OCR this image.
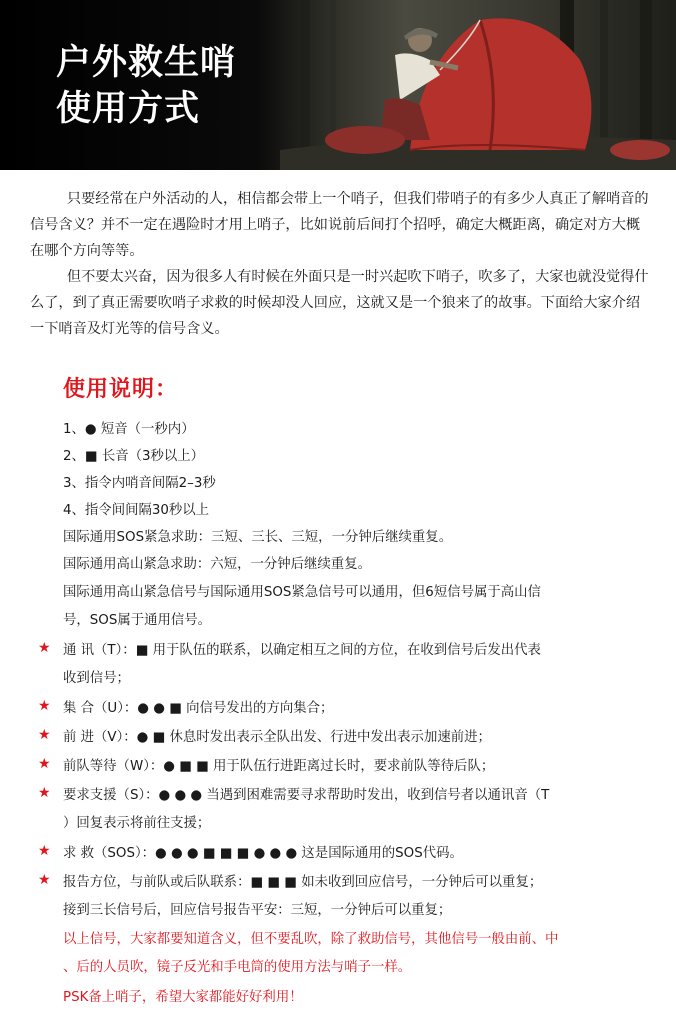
户外救生哨
使用方式

只要经常在户外活动的人，相信都会带上一个哨子，但我们带哨子的有多少人真正了解哨音的信号含义？并不一定在遇险时才用上哨子，比如说前后间打个招呼，确定大概距离，确定对方大概在哪个方向等等。

但不要太兴奋，因为很多人有时候在外面只是一时兴起吹下哨子，吹多了，大家也就没觉得什么了，到了真正需要吹哨子求救的时候却没人回应，这就又是一个狼来了的故事。下面给大家介绍一下哨音及灯光等的信号含义。

使用说明：
1、● 短音（一秒内）
2、■ 长音（3秒以上）
3、指令内哨音间隔2–3秒
4、指令间间隔30秒以上
国际通用SOS紧急求助：三短、三长、三短，一分钟后继续重复。
国际通用高山紧急求助：六短，一分钟后继续重复。
国际通用高山紧急信号与国际通用SOS紧急信号可以通用，但6短信号属于高山信
号，SOS属于通用信号。
★ 通 讯（T）：■ 用于队伍的联系，以确定相互之间的方位，在收到信号后发出代表
收到信号；
★ 集 合（U）：● ● ■ 向信号发出的方向集合；
★ 前 进（V）：● ■ 休息时发出表示全队出发、行进中发出表示加速前进；
★ 前队等待（W）：● ■ ■ 用于队伍行进距离过长时，要求前队等待后队；
★ 要求支援（S）：● ● ● 当遇到困难需要寻求帮助时发出，收到信号者以通讯音（T
）回复表示将前往支援；
★ 求 救（SOS）：● ● ● ■ ■ ■ ● ● ● 这是国际通用的SOS代码。
★ 报告方位，与前队或后队联系：■ ■ ■ 如未收到回应信号，一分钟后可以重复；
接到三长信号后，回应信号报告平安：三短，一分钟后可以重复；
以上信号，大家都要知道含义，但不要乱吹，除了救助信号，其他信号一般由前、中
、后的人员吹，镜子反光和手电筒的使用方法与哨子一样。
PSK备上哨子，希望大家都能好好利用！
